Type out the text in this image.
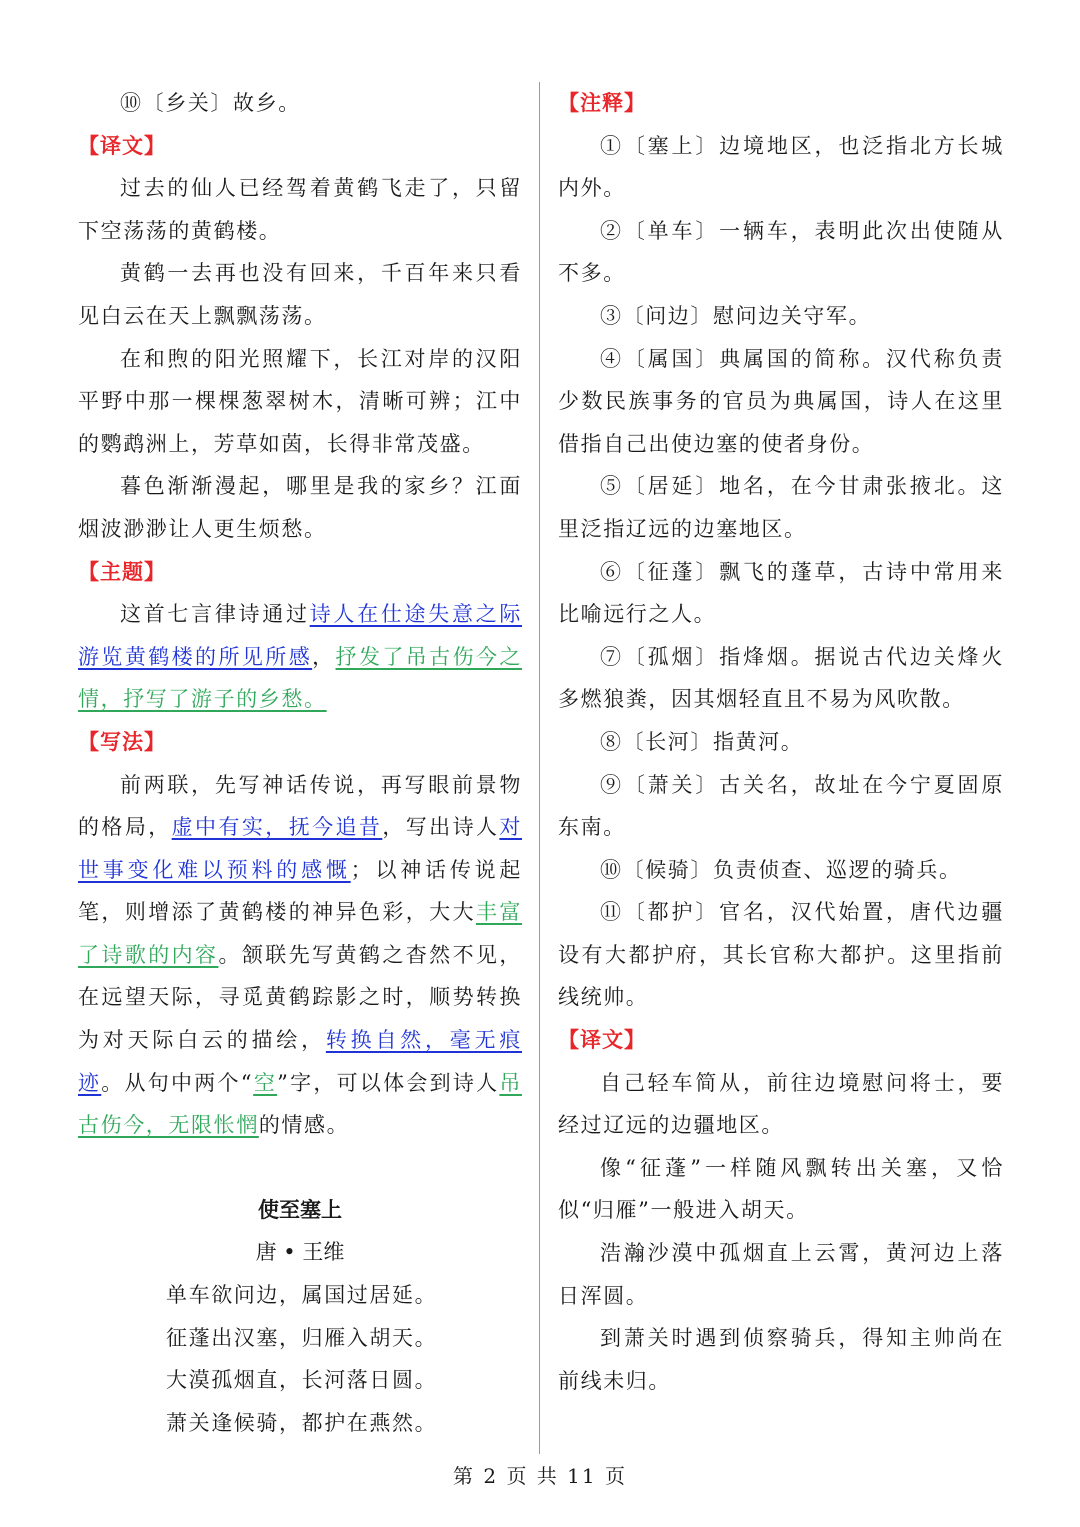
⑩〔乡关〕故乡。

【译文】

过去的仙人已经驾着黄鹤飞走了，只留下空荡荡的黄鹤楼。

黄鹤一去再也没有回来，千百年来只看见白云在天上飘飘荡荡。

在和煦的阳光照耀下，长江对岸的汉阳平野中那一棵棵葱翠树木，清晰可辨；江中的鹦鹉洲上，芳草如茵，长得非常茂盛。

暮色渐渐漫起，哪里是我的家乡？江面烟波渺渺让人更生烦愁。

【主题】

这首七言律诗通过诗人在仕途失意之际游览黄鹤楼的所见所感，抒发了吊古伤今之情，抒写了游子的乡愁。

【写法】

前两联，先写神话传说，再写眼前景物的格局，虚中有实，抚今追昔，写出诗人对世事变化难以预料的感慨；以神话传说起笔，则增添了黄鹤楼的神异色彩，大大丰富了诗歌的内容。颔联先写黄鹤之杳然不见，在远望天际，寻觅黄鹤踪影之时，顺势转换为对天际白云的描绘，转换自然，毫无痕迹。从句中两个“空”字，可以体会到诗人吊古伤今，无限怅惘的情感。

使至塞上

唐 • 王维

单车欲问边，属国过居延。

征蓬出汉塞，归雁入胡天。

大漠孤烟直，长河落日圆。

萧关逢候骑，都护在燕然。

【注释】

①〔塞上〕边境地区，也泛指北方长城内外。

②〔单车〕一辆车，表明此次出使随从不多。

③〔问边〕慰问边关守军。

④〔属国〕典属国的简称。汉代称负责少数民族事务的官员为典属国，诗人在这里借指自己出使边塞的使者身份。

⑤〔居延〕地名，在今甘肃张掖北。这里泛指辽远的边塞地区。

⑥〔征蓬〕飘飞的蓬草，古诗中常用来比喻远行之人。

⑦〔孤烟〕指烽烟。据说古代边关烽火多燃狼粪，因其烟轻直且不易为风吹散。

⑧〔长河〕指黄河。

⑨〔萧关〕古关名，故址在今宁夏固原东南。

⑩〔候骑〕负责侦查、巡逻的骑兵。

⑪〔都护〕官名，汉代始置，唐代边疆设有大都护府，其长官称大都护。这里指前线统帅。

【译文】

自己轻车简从，前往边境慰问将士，要经过辽远的边疆地区。

像“征蓬”一样随风飘转出关塞，又恰似“归雁”一般进入胡天。

浩瀚沙漠中孤烟直上云霄，黄河边上落日浑圆。

到萧关时遇到侦察骑兵，得知主帅尚在前线未归。

第 2 页 共 11 页
